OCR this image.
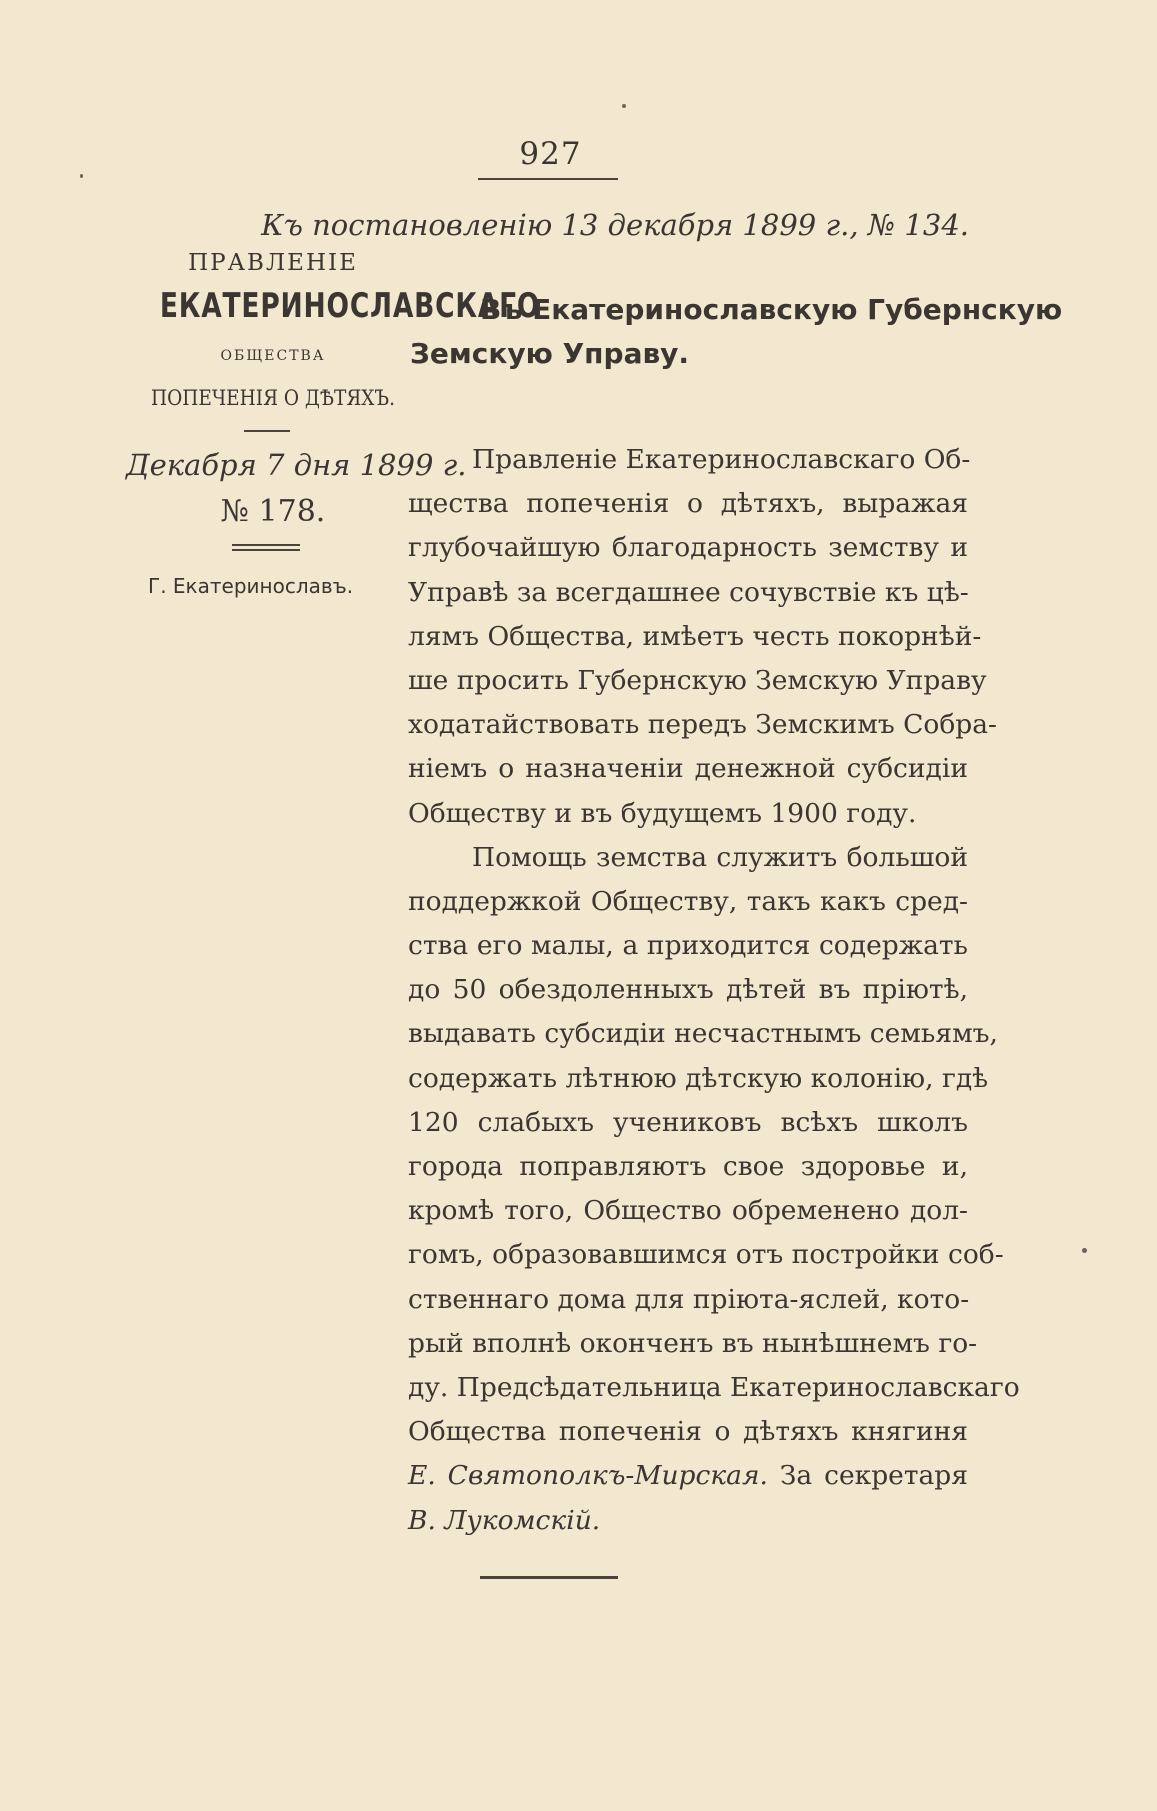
927
Къ постановленію 13 декабря 1899 г., № 134.
ПРАВЛЕНІЕ
ЕКАТЕРИНОСЛАВСКАГО
ОБЩЕСТВА
ПОПЕЧЕНІЯ О ДѢТЯХЪ.
Декабря 7 дня 1899 г.
№ 178.
Г. Екатеринославъ.
Въ Екатеринославскую Губернскую
Земскую Управу.
Правленіе Екатеринославскаго Об-
щества попеченія о дѣтяхъ, выражая
глубочайшую благодарность земству и
Управѣ за всегдашнее сочувствіе къ цѣ-
лямъ Общества, имѣетъ честь покорнѣй-
ше просить Губернскую Земскую Управу
ходатайствовать передъ Земскимъ Собра-
ніемъ о назначеніи денежной субсидіи
Обществу и въ будущемъ 1900 году.
Помощь земства служитъ большой
поддержкой Обществу, такъ какъ сред-
ства его малы, а приходится содержать
до 50 обездоленныхъ дѣтей въ пріютѣ,
выдавать субсидіи несчастнымъ семьямъ,
содержать лѣтнюю дѣтскую колонію, гдѣ
120 слабыхъ учениковъ всѣхъ школъ
города поправляютъ свое здоровье и,
кромѣ того, Общество обременено дол-
гомъ, образовавшимся отъ постройки соб-
ственнаго дома для пріюта-яслей, кото-
рый вполнѣ оконченъ въ нынѣшнемъ го-
ду. Предсѣдательница Екатеринославскаго
Общества попеченія о дѣтяхъ княгиня
Е. Святополкъ-Мирская. За секретаря
В. Лукомскій.
